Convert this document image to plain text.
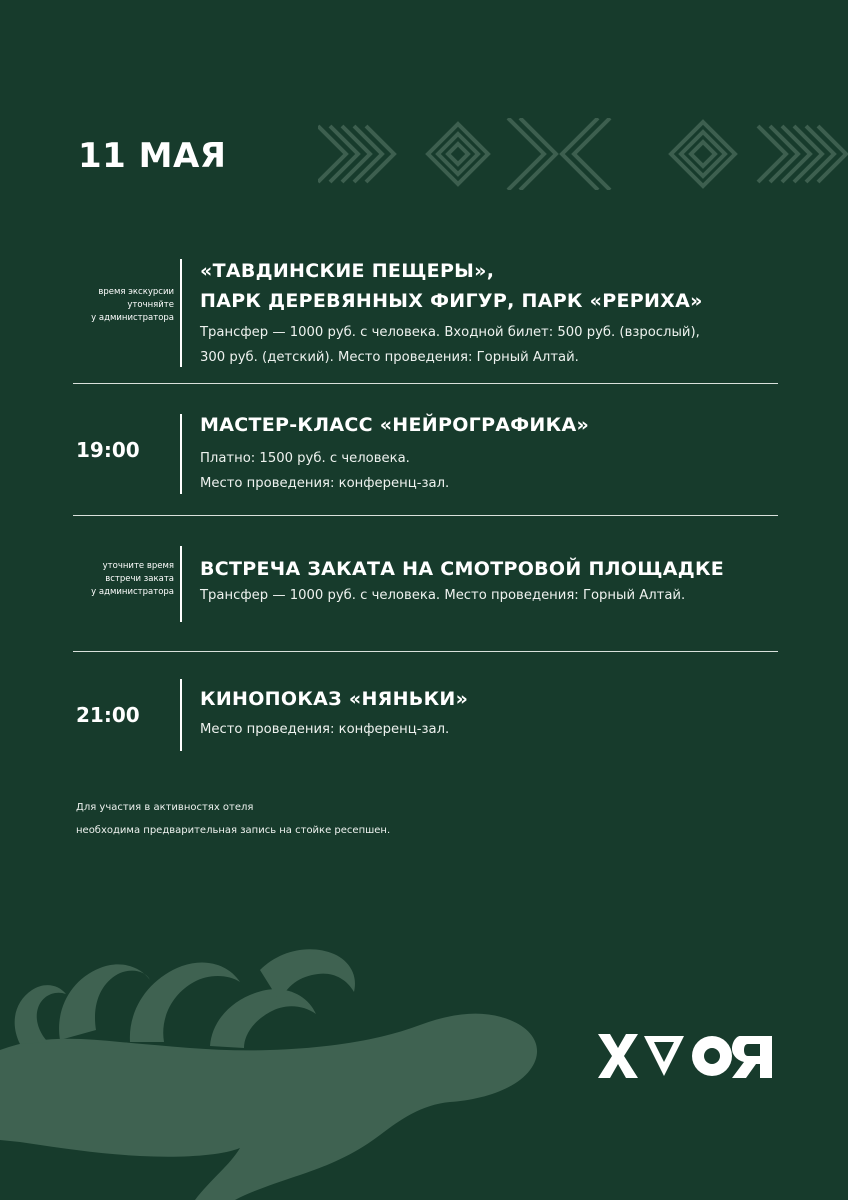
11 МАЯ
время экскурсии
уточняйте
у администратора
«ТАВДИНСКИЕ ПЕЩЕРЫ»,
ПАРК ДЕРЕВЯННЫХ ФИГУР, ПАРК «РЕРИХА»
Трансфер — 1000 руб. с человека. Входной билет: 500 руб. (взрослый),
300 руб. (детский). Место проведения: Горный Алтай.
19:00
МАСТЕР-КЛАСС «НЕЙРОГРАФИКА»
Платно: 1500 руб. с человека.
Место проведения: конференц-зал.
уточните время
встречи заката
у администратора
ВСТРЕЧА ЗАКАТА НА СМОТРОВОЙ ПЛОЩАДКЕ
Трансфер — 1000 руб. с человека. Место проведения: Горный Алтай.
21:00
КИНОПОКАЗ «НЯНЬКИ»
Место проведения: конференц-зал.
Для участия в активностях отеля
необходима предварительная запись на стойке ресепшен.
